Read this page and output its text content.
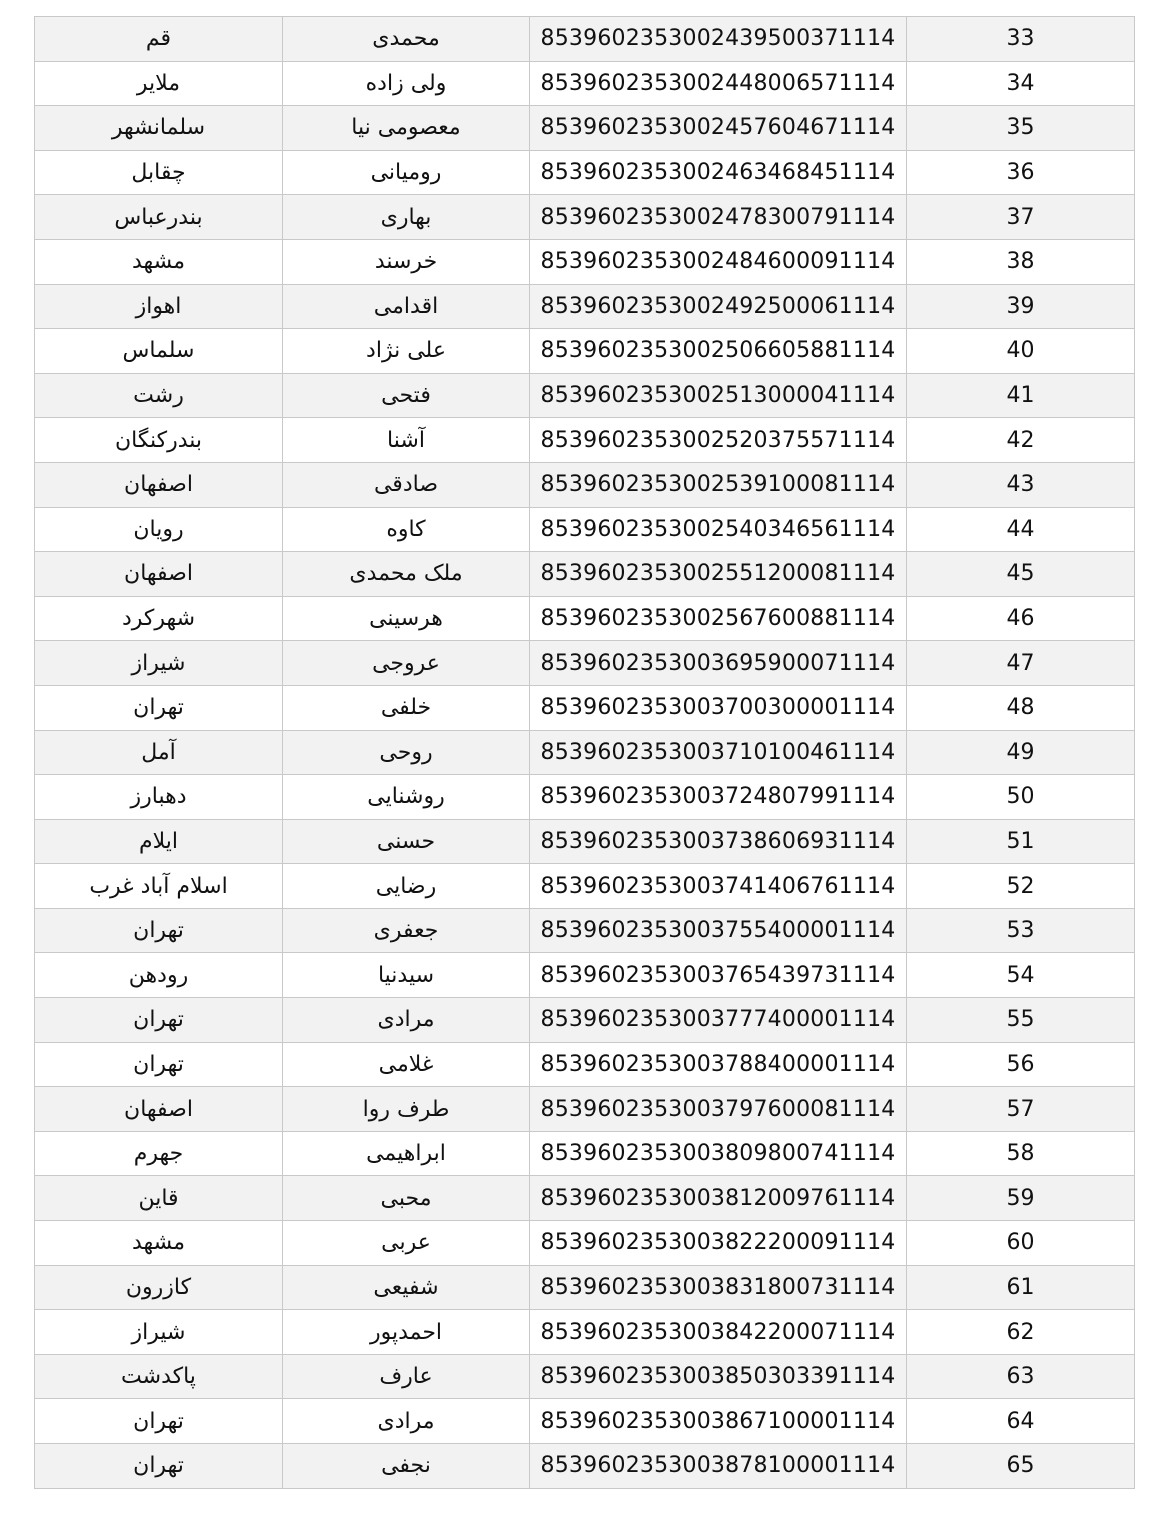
قم	محمدی	8539602353002439500371114	33
ملایر	ولی زاده	8539602353002448006571114	34
سلمانشهر	معصومی نیا	8539602353002457604671114	35
چقابل	رومیانی	8539602353002463468451114	36
بندرعباس	بهاری	8539602353002478300791114	37
مشهد	خرسند	8539602353002484600091114	38
اهواز	اقدامی	8539602353002492500061114	39
سلماس	علی نژاد	8539602353002506605881114	40
رشت	فتحی	8539602353002513000041114	41
بندرکنگان	آشنا	8539602353002520375571114	42
اصفهان	صادقی	8539602353002539100081114	43
رویان	کاوه	8539602353002540346561114	44
اصفهان	ملک محمدی	8539602353002551200081114	45
شهرکرد	هرسینی	8539602353002567600881114	46
شیراز	عروجی	8539602353003695900071114	47
تهران	خلفی	8539602353003700300001114	48
آمل	روحی	8539602353003710100461114	49
دهبارز	روشنایی	8539602353003724807991114	50
ایلام	حسنی	8539602353003738606931114	51
اسلام آباد غرب	رضایی	8539602353003741406761114	52
تهران	جعفری	8539602353003755400001114	53
رودهن	سیدنیا	8539602353003765439731114	54
تهران	مرادی	8539602353003777400001114	55
تهران	غلامی	8539602353003788400001114	56
اصفهان	طرف روا	8539602353003797600081114	57
جهرم	ابراهیمی	8539602353003809800741114	58
قاین	محبی	8539602353003812009761114	59
مشهد	عربی	8539602353003822200091114	60
کازرون	شفیعی	8539602353003831800731114	61
شیراز	احمدپور	8539602353003842200071114	62
پاکدشت	عارف	8539602353003850303391114	63
تهران	مرادی	8539602353003867100001114	64
تهران	نجفی	8539602353003878100001114	65
